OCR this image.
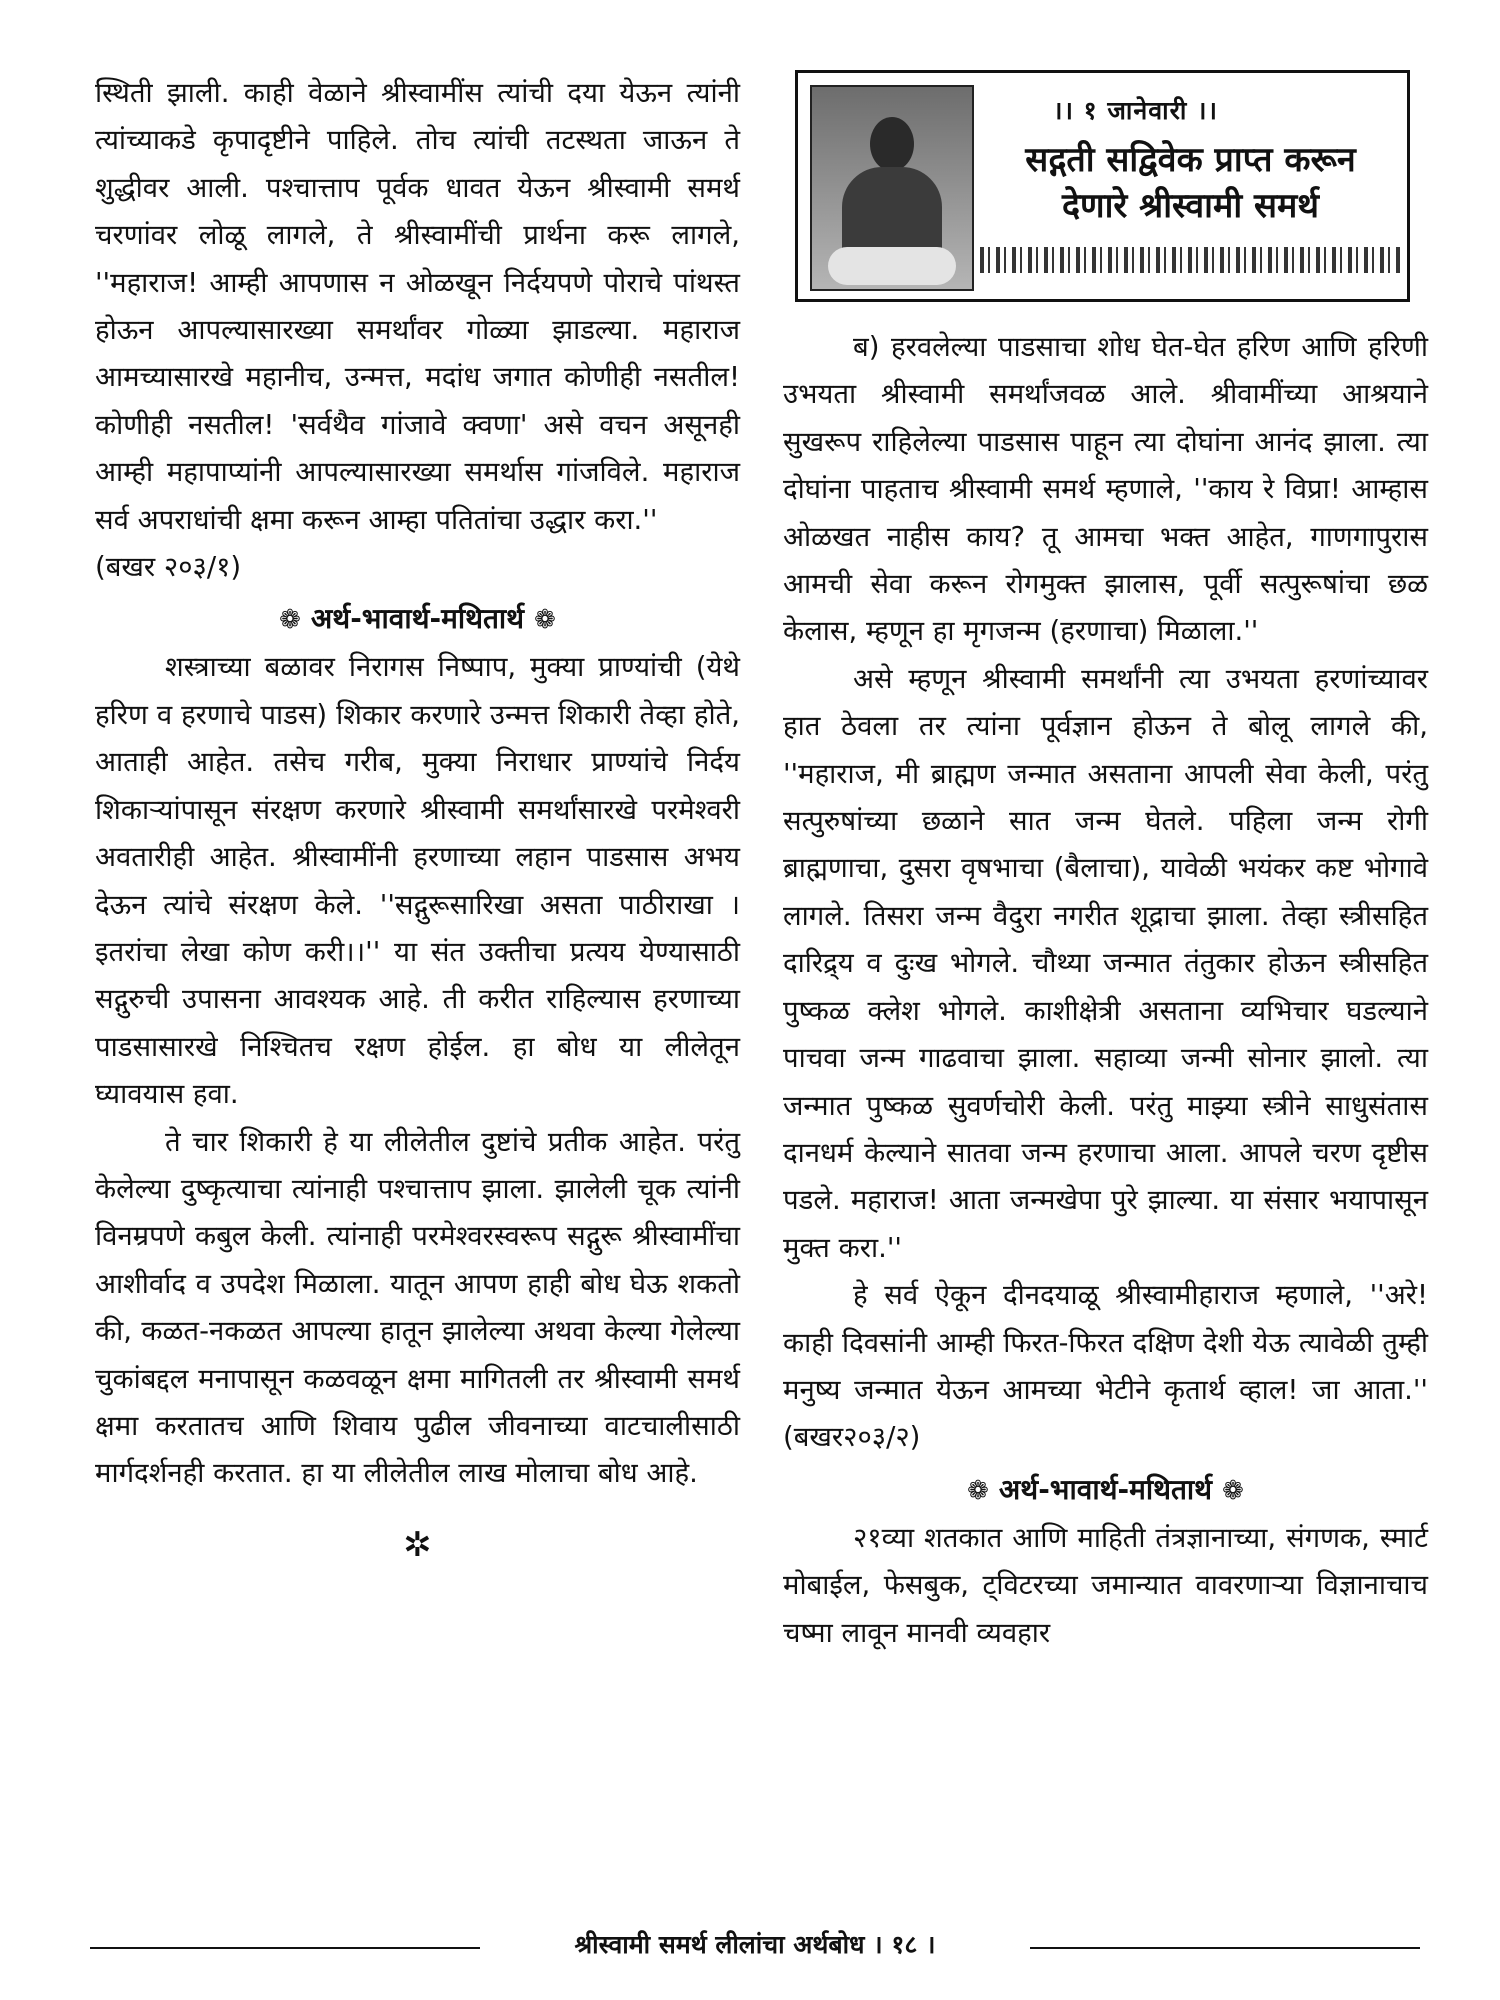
स्थिती झाली. काही वेळाने श्रीस्वामींस त्यांची दया येऊन त्यांनी त्यांच्याकडे कृपादृष्टीने पाहिले. तोच त्यांची तटस्थता जाऊन ते शुद्धीवर आली. पश्चात्ताप पूर्वक धावत येऊन श्रीस्वामी समर्थ चरणांवर लोळू लागले, ते श्रीस्वामींची प्रार्थना करू लागले, ''महाराज! आम्ही आपणास न ओळखून निर्दयपणे पोराचे पांथस्त होऊन आपल्यासारख्या समर्थांवर गोळ्या झाडल्या. महाराज आमच्यासारखे महानीच, उन्मत्त, मदांध जगात कोणीही नसतील! कोणीही नसतील! 'सर्वथैव गांजावे क्वणा' असे वचन असूनही आम्ही महापाप्यांनी आपल्यासारख्या समर्थास गांजविले. महाराज सर्व अपराधांची क्षमा करून आम्हा पतितांचा उद्धार करा.''

(बखर २०३/१)

❁ अर्थ-भावार्थ-मथितार्थ ❁

शस्त्राच्या बळावर निरागस निष्पाप, मुक्या प्राण्यांची (येथे हरिण व हरणाचे पाडस) शिकार करणारे उन्मत्त शिकारी तेव्हा होते, आताही आहेत. तसेच गरीब, मुक्या निराधार प्राण्यांचे निर्दय शिकाऱ्यांपासून संरक्षण करणारे श्रीस्वामी समर्थांसारखे परमेश्वरी अवतारीही आहेत. श्रीस्वामींनी हरणाच्या लहान पाडसास अभय देऊन त्यांचे संरक्षण केले. ''सद्गुरूसारिखा असता पाठीराखा । इतरांचा लेखा कोण करी।।'' या संत उक्तीचा प्रत्यय येण्यासाठी सद्गुरुची उपासना आवश्यक आहे. ती करीत राहिल्यास हरणाच्या पाडसासारखे निश्चितच रक्षण होईल. हा बोध या लीलेतून घ्यावयास हवा.

ते चार शिकारी हे या लीलेतील दुष्टांचे प्रतीक आहेत. परंतु केलेल्या दुष्कृत्याचा त्यांनाही पश्चात्ताप झाला. झालेली चूक त्यांनी विनम्रपणे कबुल केली. त्यांनाही परमेश्वरस्वरूप सद्गुरू श्रीस्वामींचा आशीर्वाद व उपदेश मिळाला. यातून आपण हाही बोध घेऊ शकतो की, कळत-नकळत आपल्या हातून झालेल्या अथवा केल्या गेलेल्या चुकांबद्दल मनापासून कळवळून क्षमा मागितली तर श्रीस्वामी समर्थ क्षमा करतातच आणि शिवाय पुढील जीवनाच्या वाटचालीसाठी मार्गदर्शनही करतात. हा या लीलेतील लाख मोलाचा बोध आहे.

✲
।। १ जानेवारी ।।
सद्गती सद्विवेक प्राप्त करून
देणारे श्रीस्वामी समर्थ

ब) हरवलेल्या पाडसाचा शोध घेत-घेत हरिण आणि हरिणी उभयता श्रीस्वामी समर्थांजवळ आले. श्रीवामींच्या आश्रयाने सुखरूप राहिलेल्या पाडसास पाहून त्या दोघांना आनंद झाला. त्या दोघांना पाहताच श्रीस्वामी समर्थ म्हणाले, ''काय रे विप्रा! आम्हास ओळखत नाहीस काय? तू आमचा भक्त आहेत, गाणगापुरास आमची सेवा करून रोगमुक्त झालास, पूर्वी सत्पुरूषांचा छळ केलास, म्हणून हा मृगजन्म (हरणाचा) मिळाला.''

असे म्हणून श्रीस्वामी समर्थांनी त्या उभयता हरणांच्यावर हात ठेवला तर त्यांना पूर्वज्ञान होऊन ते बोलू लागले की, ''महाराज, मी ब्राह्मण जन्मात असताना आपली सेवा केली, परंतु सत्पुरुषांच्या छळाने सात जन्म घेतले. पहिला जन्म रोगी ब्राह्मणाचा, दुसरा वृषभाचा (बैलाचा), यावेळी भयंकर कष्ट भोगावे लागले. तिसरा जन्म वैदुरा नगरीत शूद्राचा झाला. तेव्हा स्त्रीसहित दारिद्र्य व दुःख भोगले. चौथ्या जन्मात तंतुकार होऊन स्त्रीसहित पुष्कळ क्लेश भोगले. काशीक्षेत्री असताना व्यभिचार घडल्याने पाचवा जन्म गाढवाचा झाला. सहाव्या जन्मी सोनार झालो. त्या जन्मात पुष्कळ सुवर्णचोरी केली. परंतु माझ्या स्त्रीने साधुसंतास दानधर्म केल्याने सातवा जन्म हरणाचा आला. आपले चरण दृष्टीस पडले. महाराज! आता जन्मखेपा पुरे झाल्या. या संसार भयापासून मुक्त करा.''

हे सर्व ऐकून दीनदयाळू श्रीस्वामीहाराज म्हणाले, ''अरे! काही दिवसांनी आम्ही फिरत-फिरत दक्षिण देशी येऊ त्यावेळी तुम्ही मनुष्य जन्मात येऊन आमच्या भेटीने कृतार्थ व्हाल! जा आता.'' (बखर२०३/२)

❁ अर्थ-भावार्थ-मथितार्थ ❁

२१व्या शतकात आणि माहिती तंत्रज्ञानाच्या, संगणक, स्मार्ट मोबाईल, फेसबुक, ट्विटरच्या जमान्यात वावरणाऱ्या विज्ञानाचाच चष्मा लावून मानवी व्यवहार

श्रीस्वामी समर्थ लीलांचा अर्थबोध । १८ ।
